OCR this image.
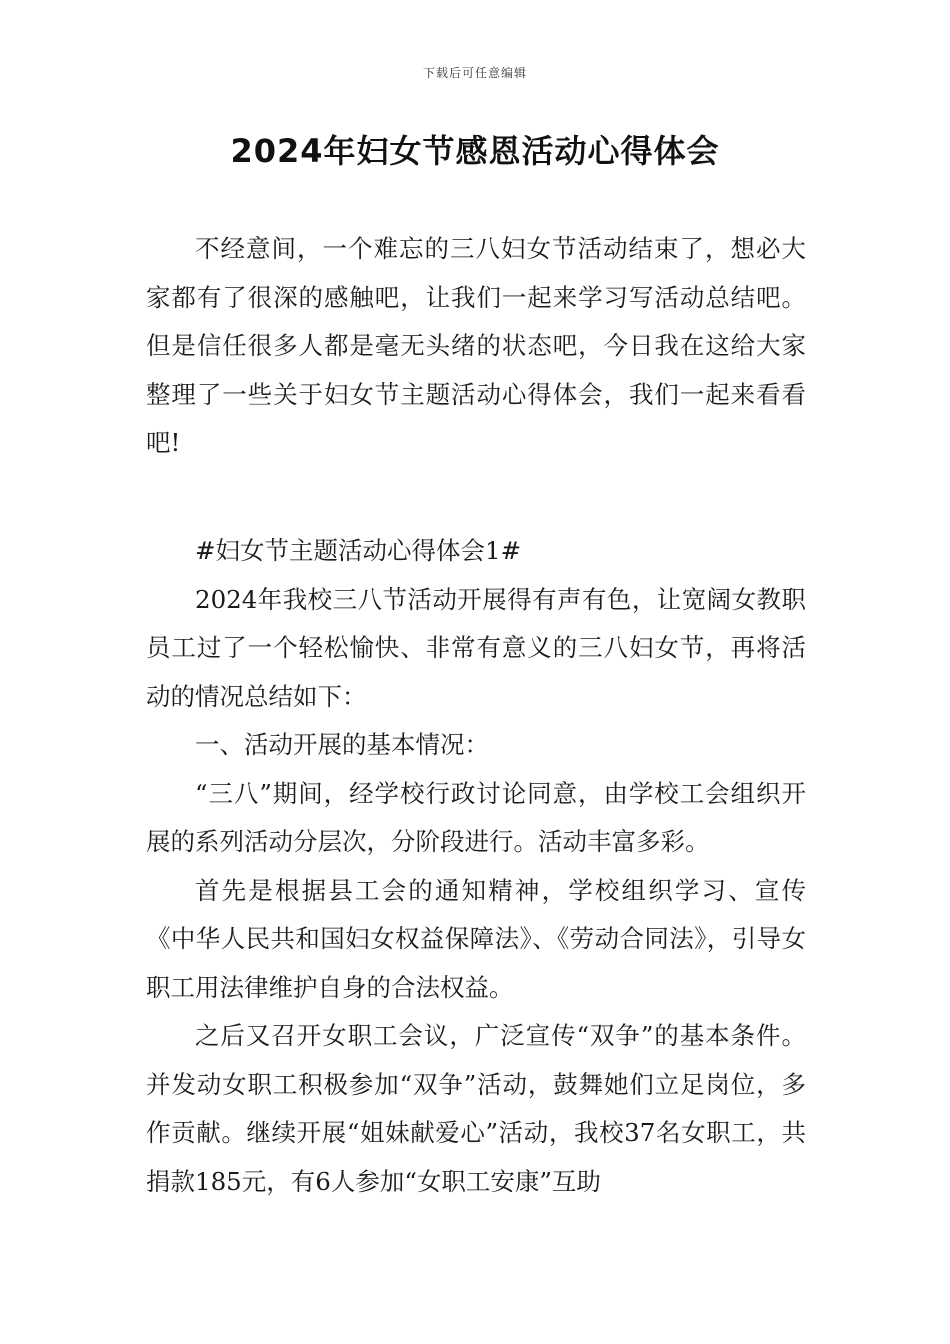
下载后可任意编辑
2024年妇女节感恩活动心得体会

不经意间，一个难忘的三八妇女节活动结束了，想必大家都有了很深的感触吧，让我们一起来学习写活动总结吧。但是信任很多人都是毫无头绪的状态吧，今日我在这给大家整理了一些关于妇女节主题活动心得体会，我们一起来看看吧!

#妇女节主题活动心得体会1#

2024年我校三八节活动开展得有声有色，让宽阔女教职员工过了一个轻松愉快、非常有意义的三八妇女节，再将活动的情况总结如下：

一、活动开展的基本情况：

“三八”期间，经学校行政讨论同意，由学校工会组织开展的系列活动分层次，分阶段进行。活动丰富多彩。

首先是根据县工会的通知精神，学校组织学习、宣传《中华人民共和国妇女权益保障法》、《劳动合同法》，引导女职工用法律维护自身的合法权益。

之后又召开女职工会议，广泛宣传“双争”的基本条件。并发动女职工积极参加“双争”活动，鼓舞她们立足岗位，多作贡献。继续开展“姐妹献爱心”活动，我校37名女职工，共捐款185元，有6人参加“女职工安康”互助
